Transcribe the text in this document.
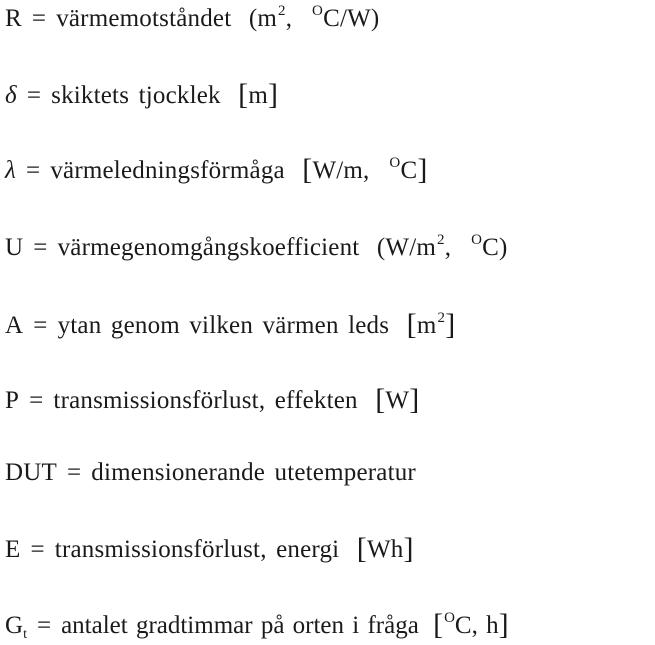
R = värmemotståndet ($m^2$, $^O$C/W)
δ = skiktets tjocklek [m]
λ = värmeledningsförmåga [W/m, $^O$C]
U = värmegenomgångskoefficient ($W/m^2$, $^O$C)
A = ytan genom vilken värmen leds $[m^2]$
P = transmissionsförlust, effekten [W]
DUT = dimensionerande utetemperatur
E = transmissionsförlust, energi [Wh]
$G_t$ = antalet gradtimmar på orten i fråga [$^O$C, h]
